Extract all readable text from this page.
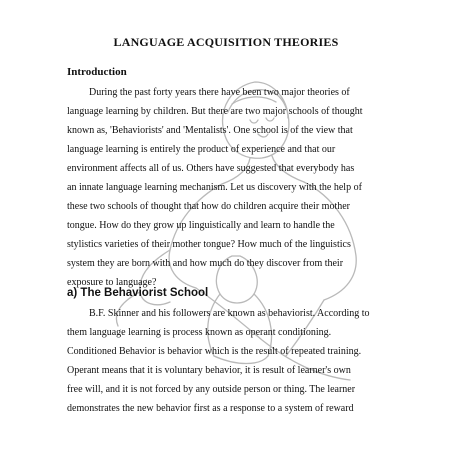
LANGUAGE ACQUISITION THEORIES
Introduction
During the past forty years there have been two major theories of
language learning by children. But there are two major schools of thought
known as, 'Behaviorists' and 'Mentalists'. One school is of the view that
language learning is entirely the product of experience and that our
environment affects all of us. Others have suggested that everybody has
an innate language learning mechanism. Let us discovery with the help of
these two schools of thought that how do children acquire their mother
tongue. How do they grow up linguistically and learn to handle the
stylistics varieties of their mother tongue? How much of the linguistics
system they are born with and how much do they discover from their
exposure to language?
a) The Behaviorist School
B.F. Skinner and his followers are known as behaviorist. According to
them language learning is process known as operant conditioning.
Conditioned Behavior is behavior which is the result of repeated training.
Operant means that it is voluntary behavior, it is result of learner's own
free will, and it is not forced by any outside person or thing. The learner
demonstrates the new behavior first as a response to a system of reward
